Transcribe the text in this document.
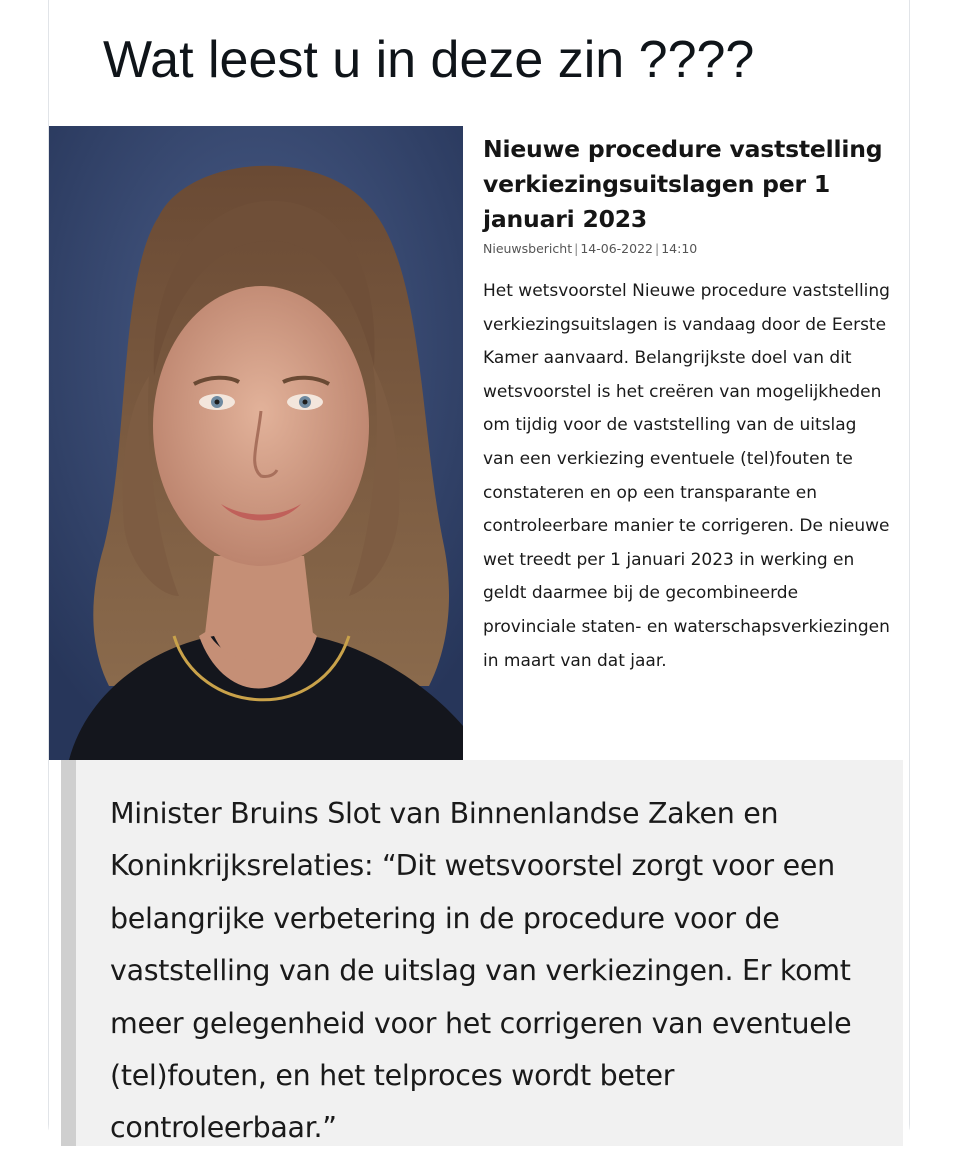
Wat leest u in deze zin ????

Nieuwe procedure vaststelling verkiezingsuitslagen per 1 januari 2023
Nieuwsbericht | 14-06-2022 | 14:10
Het wetsvoorstel Nieuwe procedure vaststelling verkiezingsuitslagen is vandaag door de Eerste Kamer aanvaard. Belangrijkste doel van dit wetsvoorstel is het creëren van mogelijkheden om tijdig voor de vaststelling van de uitslag van een verkiezing eventuele (tel)fouten te constateren en op een transparante en controleerbare manier te corrigeren. De nieuwe wet treedt per 1 januari 2023 in werking en geldt daarmee bij de gecombineerde provinciale staten- en waterschapsverkiezingen in maart van dat jaar.

Minister Bruins Slot van Binnenlandse Zaken en Koninkrijksrelaties: “Dit wetsvoorstel zorgt voor een belangrijke verbetering in de procedure voor de vaststelling van de uitslag van verkiezingen. Er komt meer gelegenheid voor het corrigeren van eventuele (tel)fouten, en het telproces wordt beter controleerbaar.”
